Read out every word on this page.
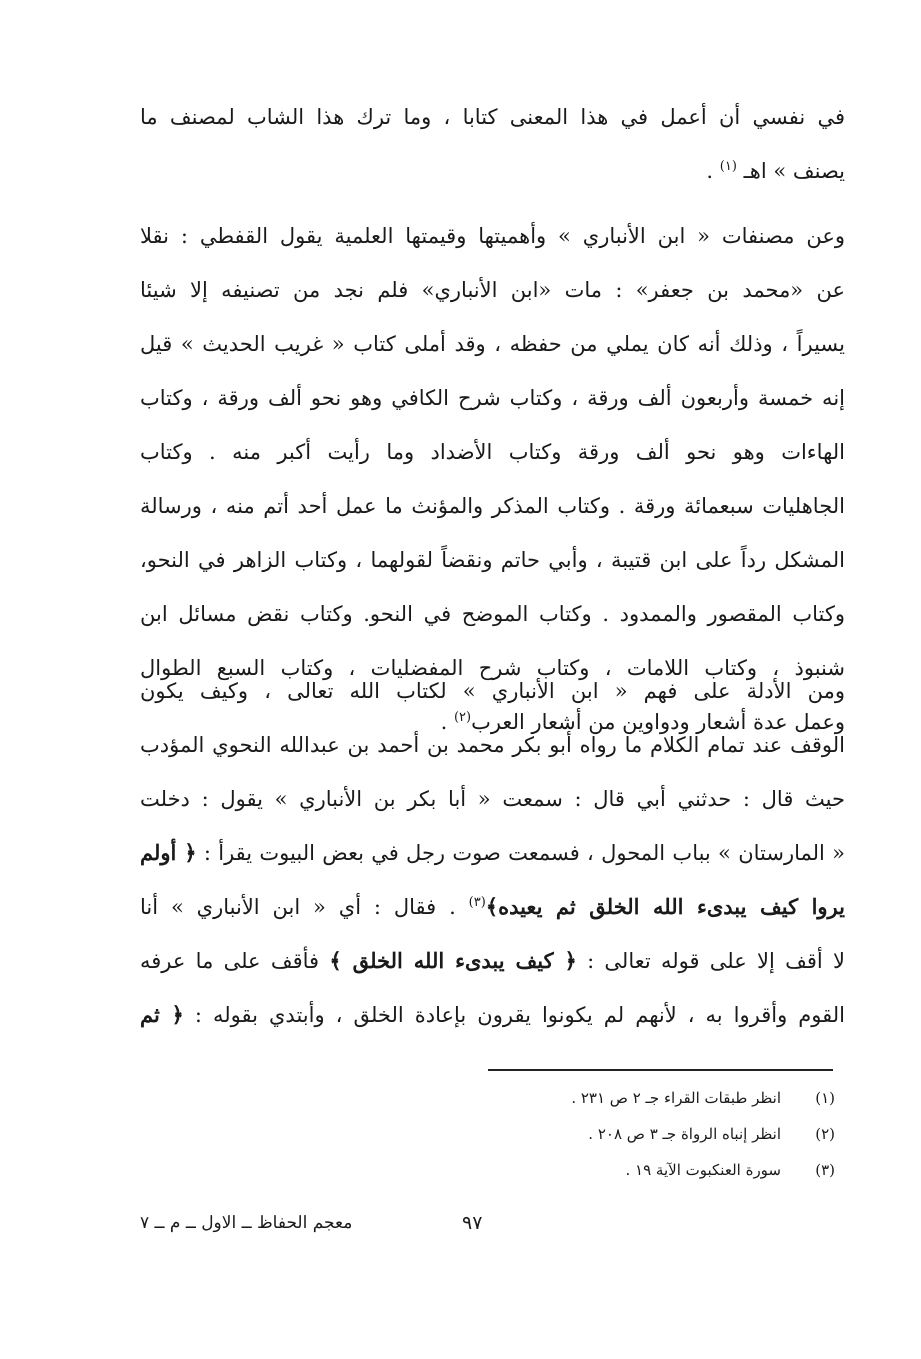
في نفسي أن أعمل في هذا المعنى كتابا ، وما ترك هذا الشاب لمصنف ما
يصنف » اهـ $^{(١)}$ .
وعن مصنفات « ابن الأنباري » وأهميتها وقيمتها العلمية يقول القفطي : نقلا
عن «محمد بن جعفر» : مات «ابن الأنباري» فلم نجد من تصنيفه إلا شيئا
يسيراً ، وذلك أنه كان يملي من حفظه ، وقد أملى كتاب « غريب الحديث » قيل
إنه خمسة وأربعون ألف ورقة ، وكتاب شرح الكافي وهو نحو ألف ورقة ، وكتاب
الهاءات وهو نحو ألف ورقة وكتاب الأضداد وما رأيت أكبر منه . وكتاب
الجاهليات سبعمائة ورقة . وكتاب المذكر والمؤنث ما عمل أحد أتم منه ، ورسالة
المشكل رداً على ابن قتيبة ، وأبي حاتم ونقضاً لقولهما ، وكتاب الزاهر في النحو،
وكتاب المقصور والممدود . وكتاب الموضح في النحو. وكتاب نقض مسائل ابن
شنبوذ ، وكتاب اللامات ، وكتاب شرح المفضليات ، وكتاب السبع الطوال
وعمل عدة أشعار ودواوين من أشعار العرب$^{(٢)}$ .
ومن الأدلة على فهم « ابن الأنباري » لكتاب الله تعالى ، وكيف يكون
الوقف عند تمام الكلام ما رواه أبو بكر محمد بن أحمد بن عبدالله النحوي المؤدب
حيث قال : حدثني أبي قال : سمعت « أبا بكر بن الأنباري » يقول : دخلت
« المارستان » بباب المحول ، فسمعت صوت رجل في بعض البيوت يقرأ : ﴿ أولم
يروا كيف يبدىء الله الخلق ثم يعيده﴾$^{(٣)}$ . فقال : أي « ابن الأنباري » أنا
لا أقف إلا على قوله تعالى : ﴿ كيف يبدىء الله الخلق ﴾ فأقف على ما عرفه
القوم وأقروا به ، لأنهم لم يكونوا يقرون بإعادة الخلق ، وأبتدي بقوله : ﴿ ثم
(١)
انظر طبقات القراء جـ ٢ ص ٢٣١ .
(٢)
انظر إنباه الرواة جـ ٣ ص ٢٠٨ .
(٣)
سورة العنكبوت الآية ١٩ .
معجم الحفاظ ــ الاول ــ م ــ ٧	٩٧
